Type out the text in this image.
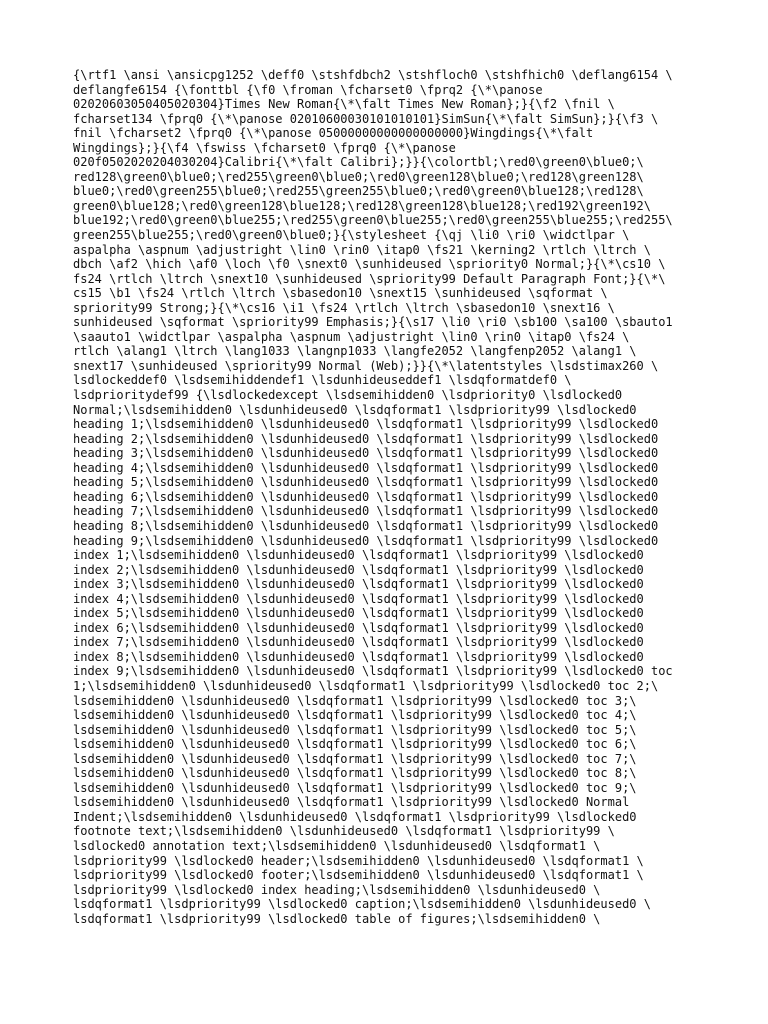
{\rtf1 \ansi \ansicpg1252 \deff0 \stshfdbch2 \stshfloch0 \stshfhich0 \deflang6154 \
deflangfe6154 {\fonttbl {\f0 \froman \fcharset0 \fprq2 {\*\panose
02020603050405020304}Times New Roman{\*\falt Times New Roman};}{\f2 \fnil \
fcharset134 \fprq0 {\*\panose 02010600030101010101}SimSun{\*\falt SimSun};}{\f3 \
fnil \fcharset2 \fprq0 {\*\panose 05000000000000000000}Wingdings{\*\falt
Wingdings};}{\f4 \fswiss \fcharset0 \fprq0 {\*\panose
020f0502020204030204}Calibri{\*\falt Calibri};}}{\colortbl;\red0\green0\blue0;\
red128\green0\blue0;\red255\green0\blue0;\red0\green128\blue0;\red128\green128\
blue0;\red0\green255\blue0;\red255\green255\blue0;\red0\green0\blue128;\red128\
green0\blue128;\red0\green128\blue128;\red128\green128\blue128;\red192\green192\
blue192;\red0\green0\blue255;\red255\green0\blue255;\red0\green255\blue255;\red255\
green255\blue255;\red0\green0\blue0;}{\stylesheet {\qj \li0 \ri0 \widctlpar \
aspalpha \aspnum \adjustright \lin0 \rin0 \itap0 \fs21 \kerning2 \rtlch \ltrch \
dbch \af2 \hich \af0 \loch \f0 \snext0 \sunhideused \spriority0 Normal;}{\*\cs10 \
fs24 \rtlch \ltrch \snext10 \sunhideused \spriority99 Default Paragraph Font;}{\*\
cs15 \b1 \fs24 \rtlch \ltrch \sbasedon10 \snext15 \sunhideused \sqformat \
spriority99 Strong;}{\*\cs16 \i1 \fs24 \rtlch \ltrch \sbasedon10 \snext16 \
sunhideused \sqformat \spriority99 Emphasis;}{\s17 \li0 \ri0 \sb100 \sa100 \sbauto1
\saauto1 \widctlpar \aspalpha \aspnum \adjustright \lin0 \rin0 \itap0 \fs24 \
rtlch \alang1 \ltrch \lang1033 \langnp1033 \langfe2052 \langfenp2052 \alang1 \
snext17 \sunhideused \spriority99 Normal (Web);}}{\*\latentstyles \lsdstimax260 \
lsdlockeddef0 \lsdsemihiddendef1 \lsdunhideuseddef1 \lsdqformatdef0 \
lsdprioritydef99 {\lsdlockedexcept \lsdsemihidden0 \lsdpriority0 \lsdlocked0
Normal;\lsdsemihidden0 \lsdunhideused0 \lsdqformat1 \lsdpriority99 \lsdlocked0
heading 1;\lsdsemihidden0 \lsdunhideused0 \lsdqformat1 \lsdpriority99 \lsdlocked0
heading 2;\lsdsemihidden0 \lsdunhideused0 \lsdqformat1 \lsdpriority99 \lsdlocked0
heading 3;\lsdsemihidden0 \lsdunhideused0 \lsdqformat1 \lsdpriority99 \lsdlocked0
heading 4;\lsdsemihidden0 \lsdunhideused0 \lsdqformat1 \lsdpriority99 \lsdlocked0
heading 5;\lsdsemihidden0 \lsdunhideused0 \lsdqformat1 \lsdpriority99 \lsdlocked0
heading 6;\lsdsemihidden0 \lsdunhideused0 \lsdqformat1 \lsdpriority99 \lsdlocked0
heading 7;\lsdsemihidden0 \lsdunhideused0 \lsdqformat1 \lsdpriority99 \lsdlocked0
heading 8;\lsdsemihidden0 \lsdunhideused0 \lsdqformat1 \lsdpriority99 \lsdlocked0
heading 9;\lsdsemihidden0 \lsdunhideused0 \lsdqformat1 \lsdpriority99 \lsdlocked0
index 1;\lsdsemihidden0 \lsdunhideused0 \lsdqformat1 \lsdpriority99 \lsdlocked0
index 2;\lsdsemihidden0 \lsdunhideused0 \lsdqformat1 \lsdpriority99 \lsdlocked0
index 3;\lsdsemihidden0 \lsdunhideused0 \lsdqformat1 \lsdpriority99 \lsdlocked0
index 4;\lsdsemihidden0 \lsdunhideused0 \lsdqformat1 \lsdpriority99 \lsdlocked0
index 5;\lsdsemihidden0 \lsdunhideused0 \lsdqformat1 \lsdpriority99 \lsdlocked0
index 6;\lsdsemihidden0 \lsdunhideused0 \lsdqformat1 \lsdpriority99 \lsdlocked0
index 7;\lsdsemihidden0 \lsdunhideused0 \lsdqformat1 \lsdpriority99 \lsdlocked0
index 8;\lsdsemihidden0 \lsdunhideused0 \lsdqformat1 \lsdpriority99 \lsdlocked0
index 9;\lsdsemihidden0 \lsdunhideused0 \lsdqformat1 \lsdpriority99 \lsdlocked0 toc
1;\lsdsemihidden0 \lsdunhideused0 \lsdqformat1 \lsdpriority99 \lsdlocked0 toc 2;\
lsdsemihidden0 \lsdunhideused0 \lsdqformat1 \lsdpriority99 \lsdlocked0 toc 3;\
lsdsemihidden0 \lsdunhideused0 \lsdqformat1 \lsdpriority99 \lsdlocked0 toc 4;\
lsdsemihidden0 \lsdunhideused0 \lsdqformat1 \lsdpriority99 \lsdlocked0 toc 5;\
lsdsemihidden0 \lsdunhideused0 \lsdqformat1 \lsdpriority99 \lsdlocked0 toc 6;\
lsdsemihidden0 \lsdunhideused0 \lsdqformat1 \lsdpriority99 \lsdlocked0 toc 7;\
lsdsemihidden0 \lsdunhideused0 \lsdqformat1 \lsdpriority99 \lsdlocked0 toc 8;\
lsdsemihidden0 \lsdunhideused0 \lsdqformat1 \lsdpriority99 \lsdlocked0 toc 9;\
lsdsemihidden0 \lsdunhideused0 \lsdqformat1 \lsdpriority99 \lsdlocked0 Normal
Indent;\lsdsemihidden0 \lsdunhideused0 \lsdqformat1 \lsdpriority99 \lsdlocked0
footnote text;\lsdsemihidden0 \lsdunhideused0 \lsdqformat1 \lsdpriority99 \
lsdlocked0 annotation text;\lsdsemihidden0 \lsdunhideused0 \lsdqformat1 \
lsdpriority99 \lsdlocked0 header;\lsdsemihidden0 \lsdunhideused0 \lsdqformat1 \
lsdpriority99 \lsdlocked0 footer;\lsdsemihidden0 \lsdunhideused0 \lsdqformat1 \
lsdpriority99 \lsdlocked0 index heading;\lsdsemihidden0 \lsdunhideused0 \
lsdqformat1 \lsdpriority99 \lsdlocked0 caption;\lsdsemihidden0 \lsdunhideused0 \
lsdqformat1 \lsdpriority99 \lsdlocked0 table of figures;\lsdsemihidden0 \
